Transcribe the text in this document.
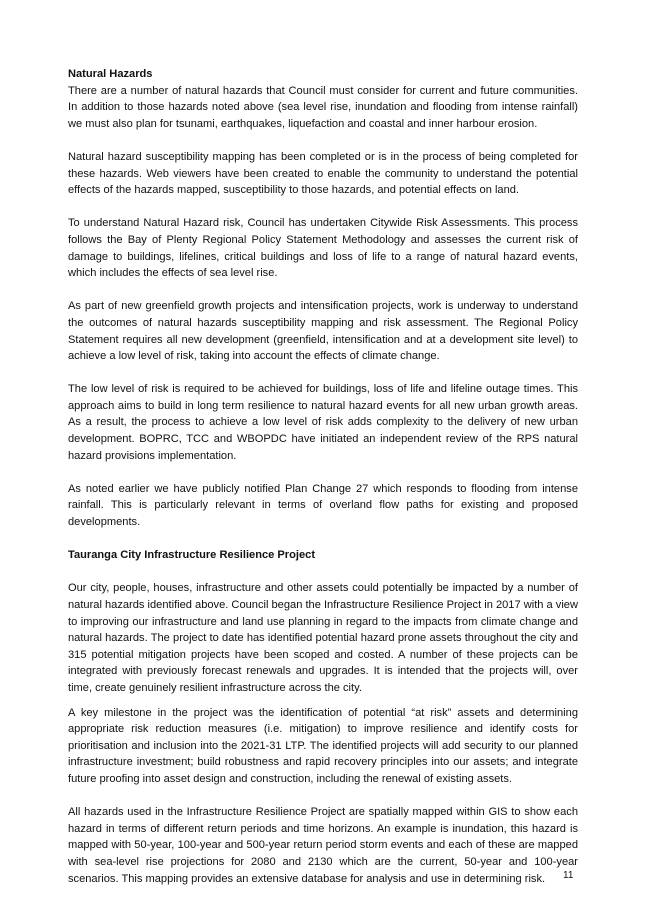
Natural Hazards

There are a number of natural hazards that Council must consider for current and future communities. In addition to those hazards noted above (sea level rise, inundation and flooding from intense rainfall) we must also plan for tsunami, earthquakes, liquefaction and coastal and inner harbour erosion.

Natural hazard susceptibility mapping has been completed or is in the process of being completed for these hazards. Web viewers have been created to enable the community to understand the potential effects of the hazards mapped, susceptibility to those hazards, and potential effects on land.

To understand Natural Hazard risk, Council has undertaken Citywide Risk Assessments. This process follows the Bay of Plenty Regional Policy Statement Methodology and assesses the current risk of damage to buildings, lifelines, critical buildings and loss of life to a range of natural hazard events, which includes the effects of sea level rise.

As part of new greenfield growth projects and intensification projects, work is underway to understand the outcomes of natural hazards susceptibility mapping and risk assessment. The Regional Policy Statement requires all new development (greenfield, intensification and at a development site level) to achieve a low level of risk, taking into account the effects of climate change.

The low level of risk is required to be achieved for buildings, loss of life and lifeline outage times. This approach aims to build in long term resilience to natural hazard events for all new urban growth areas. As a result, the process to achieve a low level of risk adds complexity to the delivery of new urban development. BOPRC, TCC and WBOPDC have initiated an independent review of the RPS natural hazard provisions implementation.

As noted earlier we have publicly notified Plan Change 27 which responds to flooding from intense rainfall. This is particularly relevant in terms of overland flow paths for existing and proposed developments.

Tauranga City Infrastructure Resilience Project

Our city, people, houses, infrastructure and other assets could potentially be impacted by a number of natural hazards identified above. Council began the Infrastructure Resilience Project in 2017 with a view to improving our infrastructure and land use planning in regard to the impacts from climate change and natural hazards. The project to date has identified potential hazard prone assets throughout the city and 315 potential mitigation projects have been scoped and costed. A number of these projects can be integrated with previously forecast renewals and upgrades. It is intended that the projects will, over time, create genuinely resilient infrastructure across the city.

A key milestone in the project was the identification of potential “at risk” assets and determining appropriate risk reduction measures (i.e. mitigation) to improve resilience and identify costs for prioritisation and inclusion into the 2021-31 LTP. The identified projects will add security to our planned infrastructure investment; build robustness and rapid recovery principles into our assets; and integrate future proofing into asset design and construction, including the renewal of existing assets.

All hazards used in the Infrastructure Resilience Project are spatially mapped within GIS to show each hazard in terms of different return periods and time horizons. An example is inundation, this hazard is mapped with 50-year, 100-year and 500-year return period storm events and each of these are mapped with sea-level rise projections for 2080 and 2130 which are the current, 50-year and 100-year scenarios. This mapping provides an extensive database for analysis and use in determining risk.	11
